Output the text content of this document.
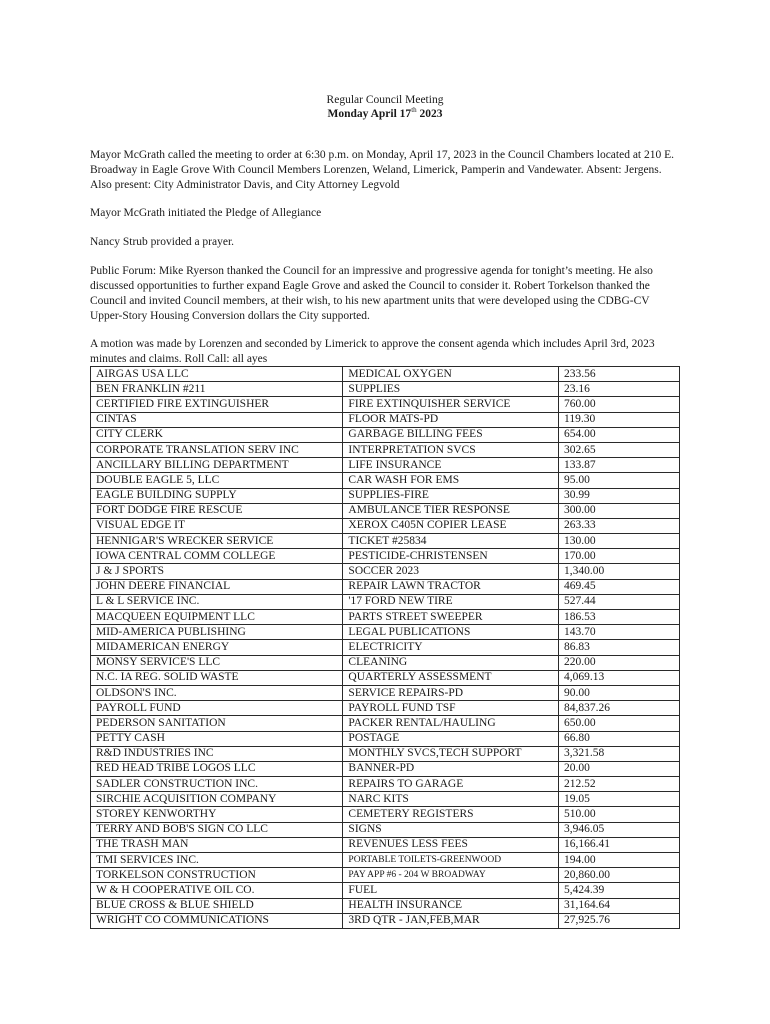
Regular Council Meeting
Monday April 17th 2023

Mayor McGrath called the meeting to order at 6:30 p.m. on Monday, April 17, 2023 in the Council Chambers located at 210 E. Broadway in Eagle Grove With Council Members Lorenzen, Weland, Limerick, Pamperin and Vandewater. Absent: Jergens. Also present: City Administrator Davis, and City Attorney Legvold

Mayor McGrath initiated the Pledge of Allegiance

Nancy Strub provided a prayer.

Public Forum: Mike Ryerson thanked the Council for an impressive and progressive agenda for tonight’s meeting. He also discussed opportunities to further expand Eagle Grove and asked the Council to consider it. Robert Torkelson thanked the Council and invited Council members, at their wish, to his new apartment units that were developed using the CDBG-CV Upper-Story Housing Conversion dollars the City supported.

A motion was made by Lorenzen and seconded by Limerick to approve the consent agenda which includes April 3rd, 2023 minutes and claims. Roll Call: all ayes

AIRGAS USA LLC	MEDICAL OXYGEN	233.56
BEN FRANKLIN #211	SUPPLIES	23.16
CERTIFIED FIRE EXTINGUISHER	FIRE EXTINQUISHER SERVICE	760.00
CINTAS	FLOOR MATS-PD	119.30
CITY CLERK	GARBAGE BILLING FEES	654.00
CORPORATE TRANSLATION SERV INC	INTERPRETATION SVCS	302.65
ANCILLARY BILLING DEPARTMENT	LIFE INSURANCE	133.87
DOUBLE EAGLE 5, LLC	CAR WASH FOR EMS	95.00
EAGLE BUILDING SUPPLY	SUPPLIES-FIRE	30.99
FORT DODGE FIRE RESCUE	AMBULANCE TIER RESPONSE	300.00
VISUAL EDGE IT	XEROX C405N COPIER LEASE	263.33
HENNIGAR'S WRECKER SERVICE	TICKET #25834	130.00
IOWA CENTRAL COMM COLLEGE	PESTICIDE-CHRISTENSEN	170.00
J & J SPORTS	SOCCER 2023	1,340.00
JOHN DEERE FINANCIAL	REPAIR LAWN TRACTOR	469.45
L & L SERVICE INC.	'17 FORD NEW TIRE	527.44
MACQUEEN EQUIPMENT LLC	PARTS STREET SWEEPER	186.53
MID-AMERICA PUBLISHING	LEGAL PUBLICATIONS	143.70
MIDAMERICAN ENERGY	ELECTRICITY	86.83
MONSY SERVICE'S LLC	CLEANING	220.00
N.C. IA REG. SOLID WASTE	QUARTERLY ASSESSMENT	4,069.13
OLDSON'S INC.	SERVICE REPAIRS-PD	90.00
PAYROLL FUND	PAYROLL FUND TSF	84,837.26
PEDERSON SANITATION	PACKER RENTAL/HAULING	650.00
PETTY CASH	POSTAGE	66.80
R&D INDUSTRIES INC	MONTHLY SVCS,TECH SUPPORT	3,321.58
RED HEAD TRIBE LOGOS LLC	BANNER-PD	20.00
SADLER CONSTRUCTION INC.	REPAIRS TO GARAGE	212.52
SIRCHIE ACQUISITION COMPANY	NARC KITS	19.05
STOREY KENWORTHY	CEMETERY REGISTERS	510.00
TERRY AND BOB'S SIGN CO LLC	SIGNS	3,946.05
THE TRASH MAN	REVENUES LESS FEES	16,166.41
TMI SERVICES INC.	PORTABLE TOILETS-GREENWOOD	194.00
TORKELSON CONSTRUCTION	PAY APP #6 - 204 W BROADWAY	20,860.00
W & H COOPERATIVE OIL CO.	FUEL	5,424.39
BLUE CROSS & BLUE SHIELD	HEALTH INSURANCE	31,164.64
WRIGHT CO COMMUNICATIONS	3RD QTR - JAN,FEB,MAR	27,925.76
